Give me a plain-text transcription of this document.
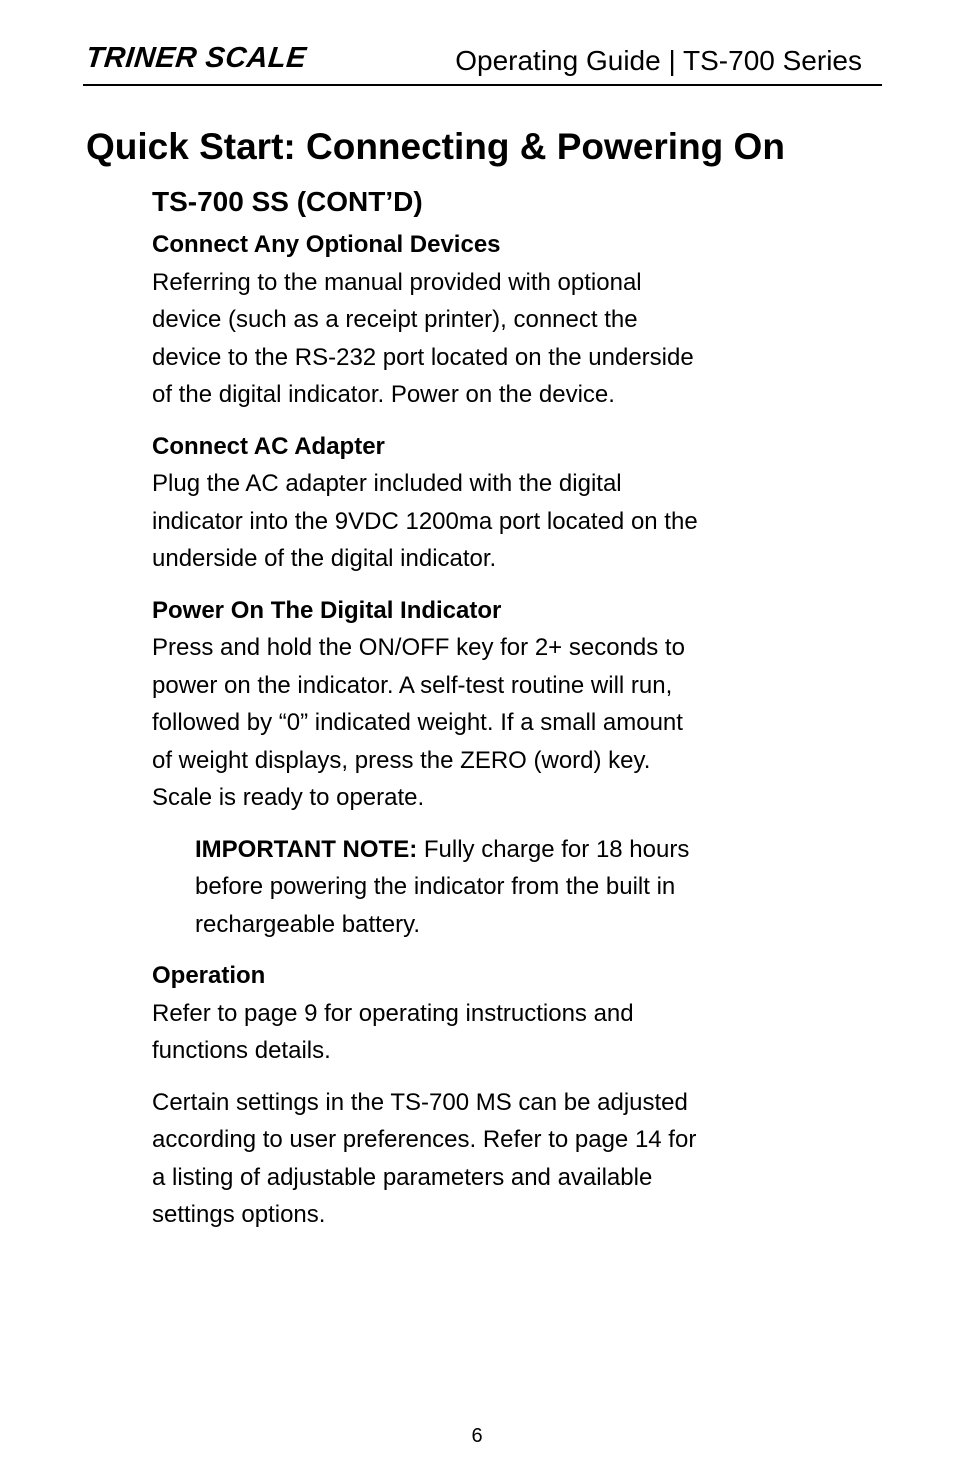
TRINER SCALE	Operating Guide | TS-700 Series
Quick Start: Connecting & Powering On
TS-700 SS (CONT’D)
Connect Any Optional Devices
Referring to the manual provided with optional
device (such as a receipt printer), connect the
device to the RS-232 port located on the underside
of the digital indicator. Power on the device.
Connect AC Adapter
Plug the AC adapter included with the digital
indicator into the 9VDC 1200ma port located on the
underside of the digital indicator.
Power On The Digital Indicator
Press and hold the ON/OFF key for 2+ seconds to
power on the indicator. A self-test routine will run,
followed by “0” indicated weight. If a small amount
of weight displays, press the ZERO (word) key.
Scale is ready to operate.
IMPORTANT NOTE: Fully charge for 18 hours
before powering the indicator from the built in
rechargeable battery.
Operation
Refer to page 9 for operating instructions and
functions details.
Certain settings in the TS-700 MS can be adjusted
according to user preferences. Refer to page 14 for
a listing of adjustable parameters and available
settings options.
6
